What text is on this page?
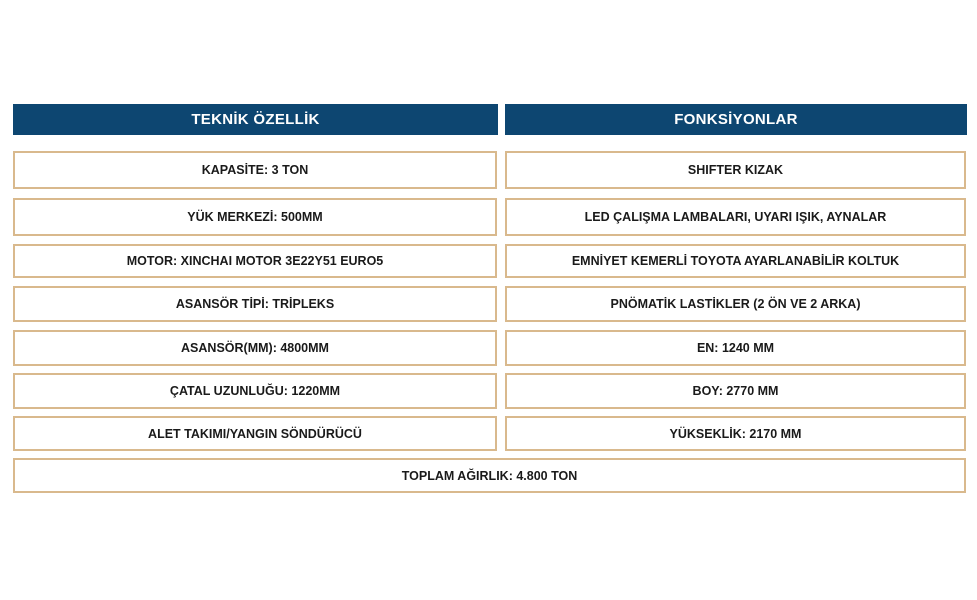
TEKNİK ÖZELLİK	FONKSİYONLAR
KAPASİTE: 3 TON	SHIFTER KIZAK
YÜK MERKEZİ: 500MM	LED ÇALIŞMA LAMBALARI, UYARI IŞIK, AYNALAR
MOTOR: XINCHAI MOTOR 3E22Y51 EURO5	EMNİYET KEMERLİ TOYOTA AYARLANABİLİR KOLTUK
ASANSÖR TİPİ: TRİPLEKS	PNÖMATİK LASTİKLER (2 ÖN VE 2 ARKA)
ASANSÖR(MM): 4800MM	EN: 1240 MM
ÇATAL UZUNLUĞU: 1220MM	BOY: 2770 MM
ALET TAKIMI/YANGIN SÖNDÜRÜCÜ	YÜKSEKLİK: 2170 MM
TOPLAM AĞIRLIK: 4.800 TON
